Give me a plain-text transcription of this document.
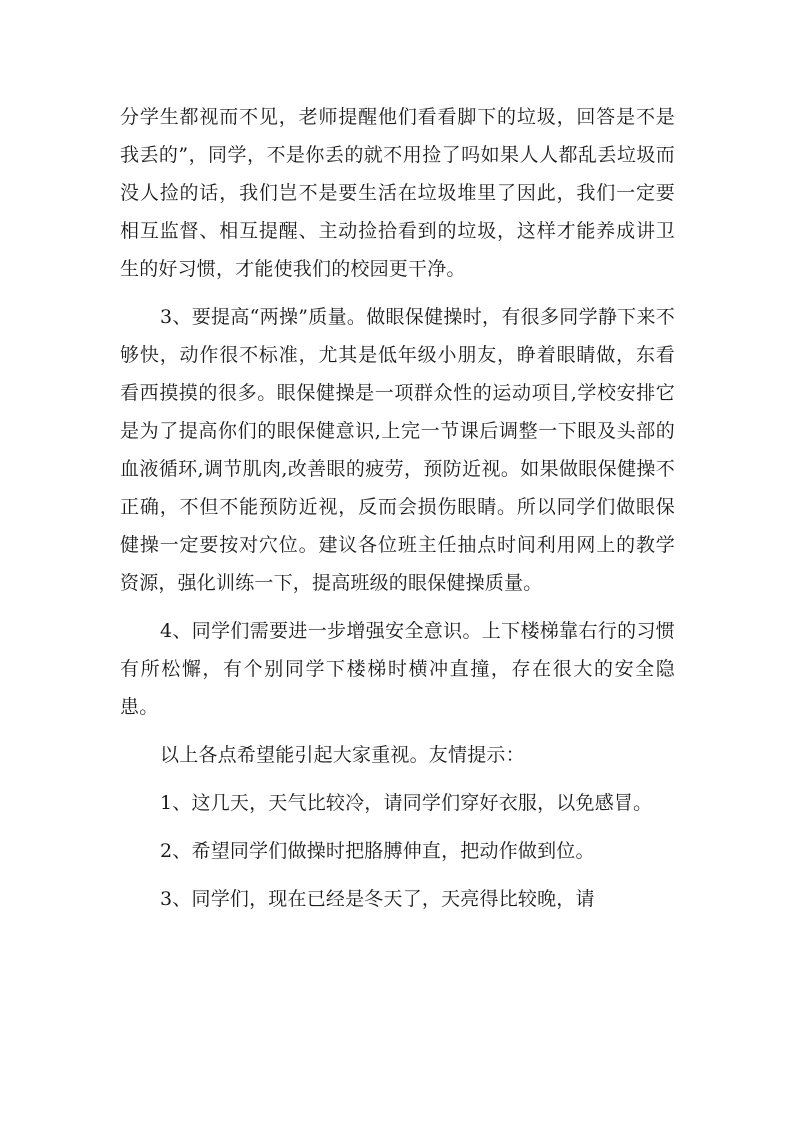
分学生都视而不见，老师提醒他们看看脚下的垃圾，回答是不是我丢的”，同学，不是你丢的就不用捡了吗如果人人都乱丢垃圾而没人捡的话，我们岂不是要生活在垃圾堆里了因此，我们一定要相互监督、相互提醒、主动捡拾看到的垃圾，这样才能养成讲卫生的好习惯，才能使我们的校园更干净。

3、要提高“两操”质量。做眼保健操时，有很多同学静下来不够快，动作很不标准，尤其是低年级小朋友，睁着眼睛做，东看看西摸摸的很多。眼保健操是一项群众性的运动项目,学校安排它是为了提高你们的眼保健意识,上完一节课后调整一下眼及头部的血液循环,调节肌肉,改善眼的疲劳，预防近视。如果做眼保健操不正确，不但不能预防近视，反而会损伤眼睛。所以同学们做眼保健操一定要按对穴位。建议各位班主任抽点时间利用网上的教学资源，强化训练一下，提高班级的眼保健操质量。

4、同学们需要进一步增强安全意识。上下楼梯靠右行的习惯有所松懈，有个别同学下楼梯时横冲直撞，存在很大的安全隐患。

以上各点希望能引起大家重视。友情提示：

1、这几天，天气比较冷，请同学们穿好衣服，以免感冒。

2、希望同学们做操时把胳膊伸直，把动作做到位。

3、同学们，现在已经是冬天了，天亮得比较晚，请
